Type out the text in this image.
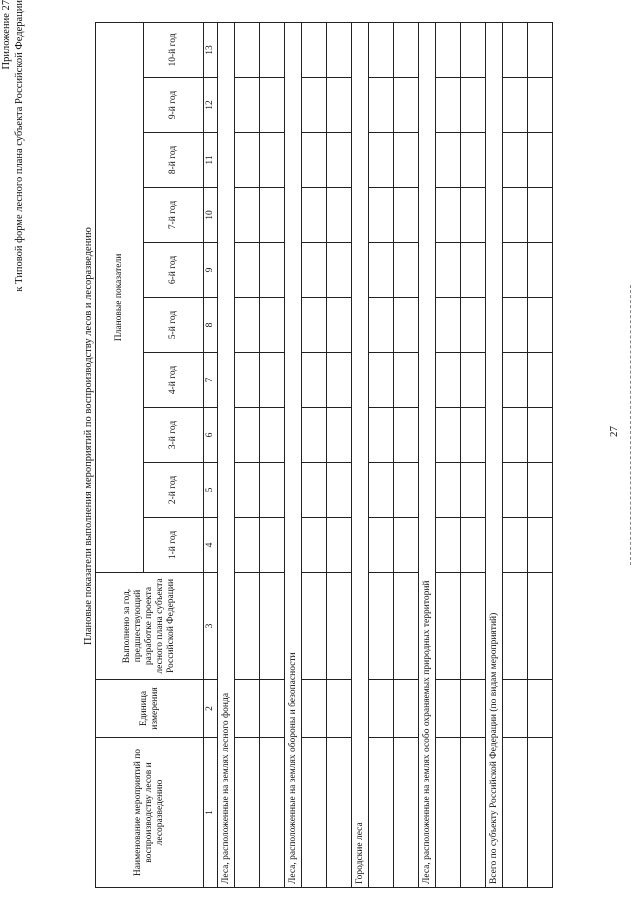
Приложение 27 к Типовой форме лесного плана субъекта Российской Федерации
Плановые показатели выполнения мероприятий по воспроизводству лесов и лесоразведению
Наименование мероприятий по воспроизводству лесов и лесоразведению	Единица измерения	Выполнено за год, предшествующий разработке проекта лесного плана субъекта Российской Федерации	Плановые показатели									
			1-й год	2-й год	3-й год	4-й год	5-й год	6-й год	7-й год	8-й год	9-й год	10-й год
1	2	3	4	5	6	7	8	9	10	11	12	13
Леса, расположенные на землях лесного фонда												

Леса, расположенные на землях обороны и безопасности												

Городские леса												

Леса, расположенные на землях особо охраняемых природных территорий												

Всего по субъекту Российской Федерации (по видам мероприятий)												

27
